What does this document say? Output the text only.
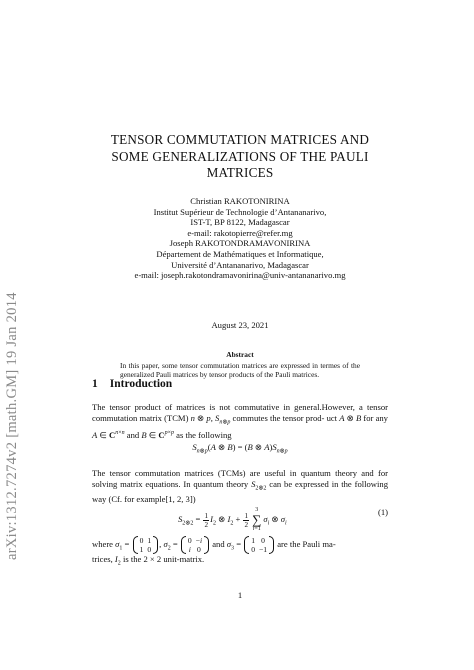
arXiv:1312.7274v2 [math.GM] 19 Jan 2014
TENSOR COMMUTATION MATRICES AND
SOME GENERALIZATIONS OF THE PAULI
MATRICES
Christian RAKOTONIRINA
Institut Supérieur de Technologie d’Antananarivo,
IST-T, BP 8122, Madagascar
e-mail: rakotopierre@refer.mg
Joseph RAKOTONDRAMAVONIRINA
Département de Mathématiques et Informatique,
Université d’Antananarivo, Madagascar
e-mail: joseph.rakotondramavonirina@univ-antananarivo.mg
August 23, 2021
Abstract
In this paper, some tensor commutation matrices are expressed in termes of the generalized Pauli matrices by tensor products of the Pauli matrices.
1 Introduction
The tensor product of matrices is not commutative in general.However, a tensor commutation matrix (TCM) n ⊗ p, $S_{n\otimes p}$ commutes the tensor prod- uct A ⊗ B for any A ∈ $C^{n\times n}$ and B ∈ $C^{p\times p}$ as the following
$S_{n\otimes p}(A$ ⊗ B) = (B ⊗ $A)S_{n\otimes p}$
The tensor commutation matrices (TCMs) are useful in quantum theory and for solving matrix equations. In quantum theory $S_{2\otimes 2}$ can be expressed in the following way (Cf. for example[1, 2, 3])
$S_{2\otimes 2} = \frac{1}{2} I_2$ ⊗ $I_2 + \frac{1}{2}$
3
∑
$i=1\sigma_i$ ⊗ $\sigma_i$
(1)
where $\sigma_1 = 0$	1
1	0
, $\sigma_2 = 0$	−i
i	0
and $\sigma_3 = 1$	0
0	−1
are the Pauli ma-
trices, $I_2$ is the 2 × 2 unit-matrix.
1
